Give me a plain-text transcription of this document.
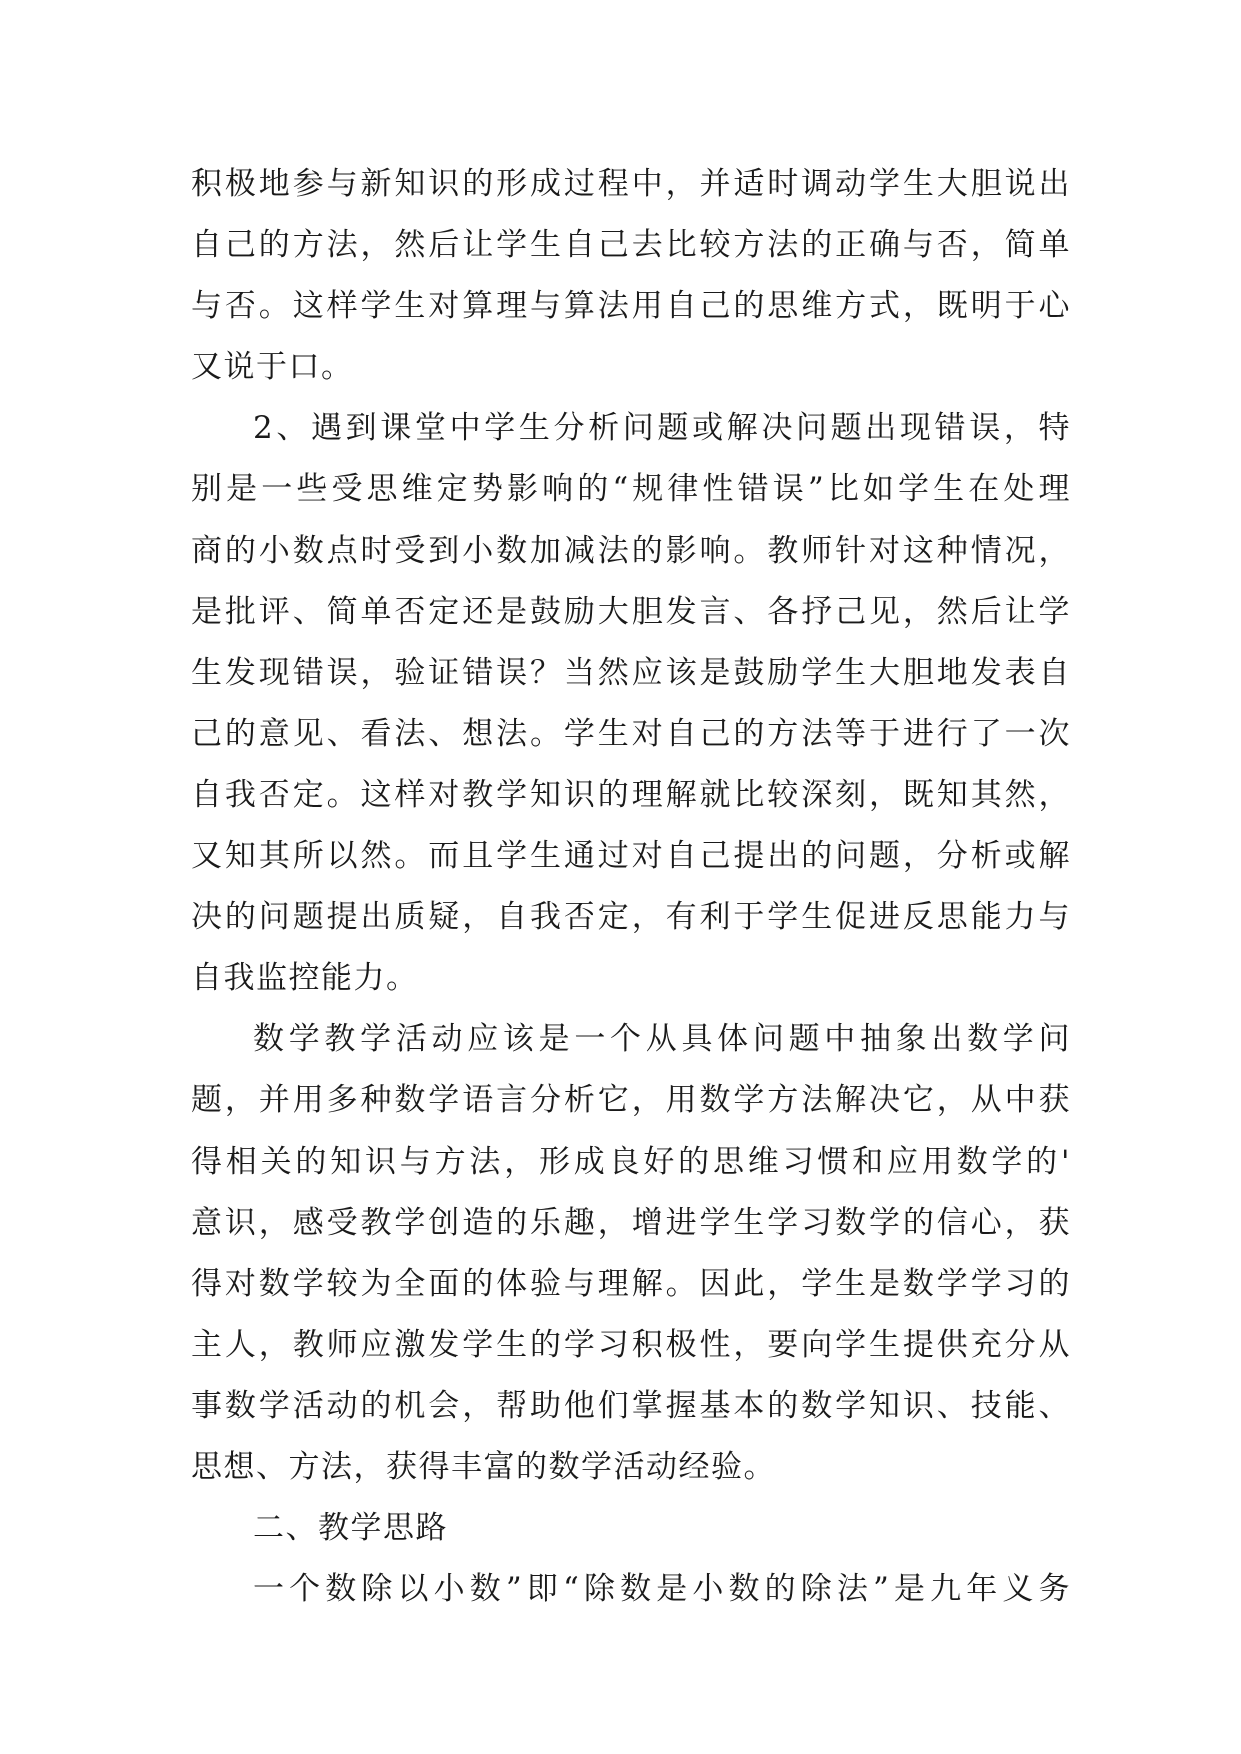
积极地参与新知识的形成过程中，并适时调动学生大胆说出
自己的方法，然后让学生自己去比较方法的正确与否，简单
与否。这样学生对算理与算法用自己的思维方式，既明于心
又说于口。
2、遇到课堂中学生分析问题或解决问题出现错误，特
别是一些受思维定势影响的“规律性错误”比如学生在处理
商的小数点时受到小数加减法的影响。教师针对这种情况，
是批评、简单否定还是鼓励大胆发言、各抒己见，然后让学
生发现错误，验证错误？当然应该是鼓励学生大胆地发表自
己的意见、看法、想法。学生对自己的方法等于进行了一次
自我否定。这样对教学知识的理解就比较深刻，既知其然，
又知其所以然。而且学生通过对自己提出的问题，分析或解
决的问题提出质疑，自我否定，有利于学生促进反思能力与
自我监控能力。
数学教学活动应该是一个从具体问题中抽象出数学问
题，并用多种数学语言分析它，用数学方法解决它，从中获
得相关的知识与方法，形成良好的思维习惯和应用数学的'
意识，感受教学创造的乐趣，增进学生学习数学的信心，获
得对数学较为全面的体验与理解。因此，学生是数学学习的
主人，教师应激发学生的学习积极性，要向学生提供充分从
事数学活动的机会，帮助他们掌握基本的数学知识、技能、
思想、方法，获得丰富的数学活动经验。
二、教学思路
一个数除以小数”即“除数是小数的除法”是九年义务
